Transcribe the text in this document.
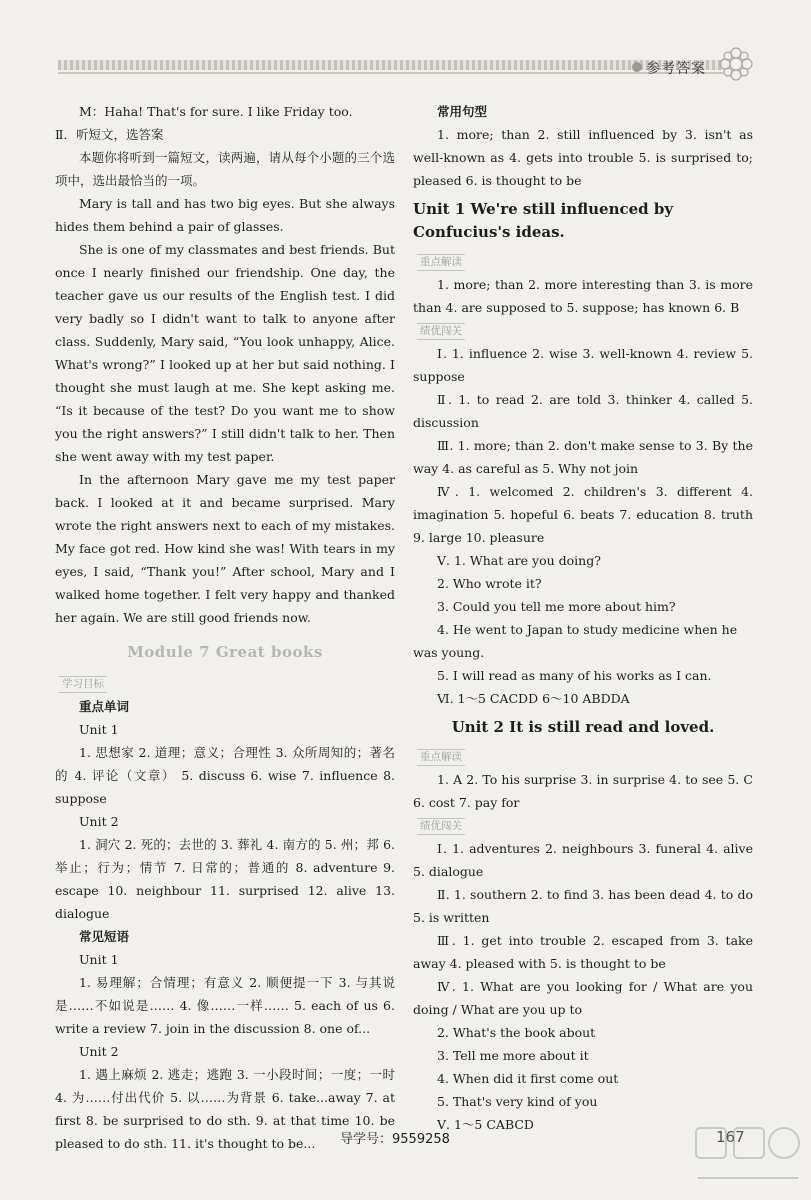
参考答案

M：Haha! That's for sure. I like Friday too.

Ⅱ．听短文，选答案

本题你将听到一篇短文，读两遍，请从每个小题的三个选项中，选出最恰当的一项。

Mary is tall and has two big eyes. But she always hides them behind a pair of glasses.

She is one of my classmates and best friends. But once I nearly finished our friendship. One day, the teacher gave us our results of the English test. I did very badly so I didn't want to talk to anyone after class. Suddenly, Mary said, “You look unhappy, Alice. What's wrong?” I looked up at her but said nothing. I thought she must laugh at me. She kept asking me. “Is it because of the test? Do you want me to show you the right answers?” I still didn't talk to her. Then she went away with my test paper.

In the afternoon Mary gave me my test paper back. I looked at it and became surprised. Mary wrote the right answers next to each of my mistakes. My face got red. How kind she was! With tears in my eyes, I said, “Thank you!” After school, Mary and I walked home together. I felt very happy and thanked her again. We are still good friends now.

Module 7 Great books
学习目标

重点单词

Unit 1

1. 思想家 2. 道理；意义；合理性 3. 众所周知的；著名的 4. 评论（文章） 5. discuss 6. wise 7. influence 8. suppose

Unit 2

1. 洞穴 2. 死的；去世的 3. 葬礼 4. 南方的 5. 州；邦 6. 举止；行为；情节 7. 日常的；普通的 8. adventure 9. escape 10. neighbour 11. surprised 12. alive 13. dialogue

常见短语

Unit 1

1. 易理解；合情理；有意义 2. 顺便提一下 3. 与其说是……不如说是…… 4. 像……一样…… 5. each of us 6. write a review 7. join in the discussion 8. one of...

Unit 2

1. 遇上麻烦 2. 逃走；逃跑 3. 一小段时间；一度；一时 4. 为……付出代价 5. 以……为背景 6. take...away 7. at first 8. be surprised to do sth. 9. at that time 10. be pleased to do sth. 11. it's thought to be...

常用句型

1. more; than 2. still influenced by 3. isn't as well-known as 4. gets into trouble 5. is surprised to; pleased 6. is thought to be

Unit 1 We're still influenced by Confucius's ideas.
重点解读

1. more; than 2. more interesting than 3. is more than 4. are supposed to 5. suppose; has known 6. B

绩优闯关

Ⅰ. 1. influence 2. wise 3. well-known 4. review 5. suppose

Ⅱ. 1. to read 2. are told 3. thinker 4. called 5. discussion

Ⅲ. 1. more; than 2. don't make sense to 3. By the way 4. as careful as 5. Why not join

Ⅳ. 1. welcomed 2. children's 3. different 4. imagination 5. hopeful 6. beats 7. education 8. truth 9. large 10. pleasure

Ⅴ. 1. What are you doing?

2. Who wrote it?

3. Could you tell me more about him?

4. He went to Japan to study medicine when he was young.

5. I will read as many of his works as I can.

Ⅵ. 1～5 CACDD 6～10 ABDDA

Unit 2 It is still read and loved.
重点解读

1. A 2. To his surprise 3. in surprise 4. to see 5. C 6. cost 7. pay for

绩优闯关

Ⅰ. 1. adventures 2. neighbours 3. funeral 4. alive 5. dialogue

Ⅱ. 1. southern 2. to find 3. has been dead 4. to do 5. is written

Ⅲ. 1. get into trouble 2. escaped from 3. take away 4. pleased with 5. is thought to be

Ⅳ. 1. What are you looking for / What are you doing / What are you up to

2. What's the book about

3. Tell me more about it

4. When did it first come out

5. That's very kind of you

Ⅴ. 1～5 CABCD

导学号：9559258	167
